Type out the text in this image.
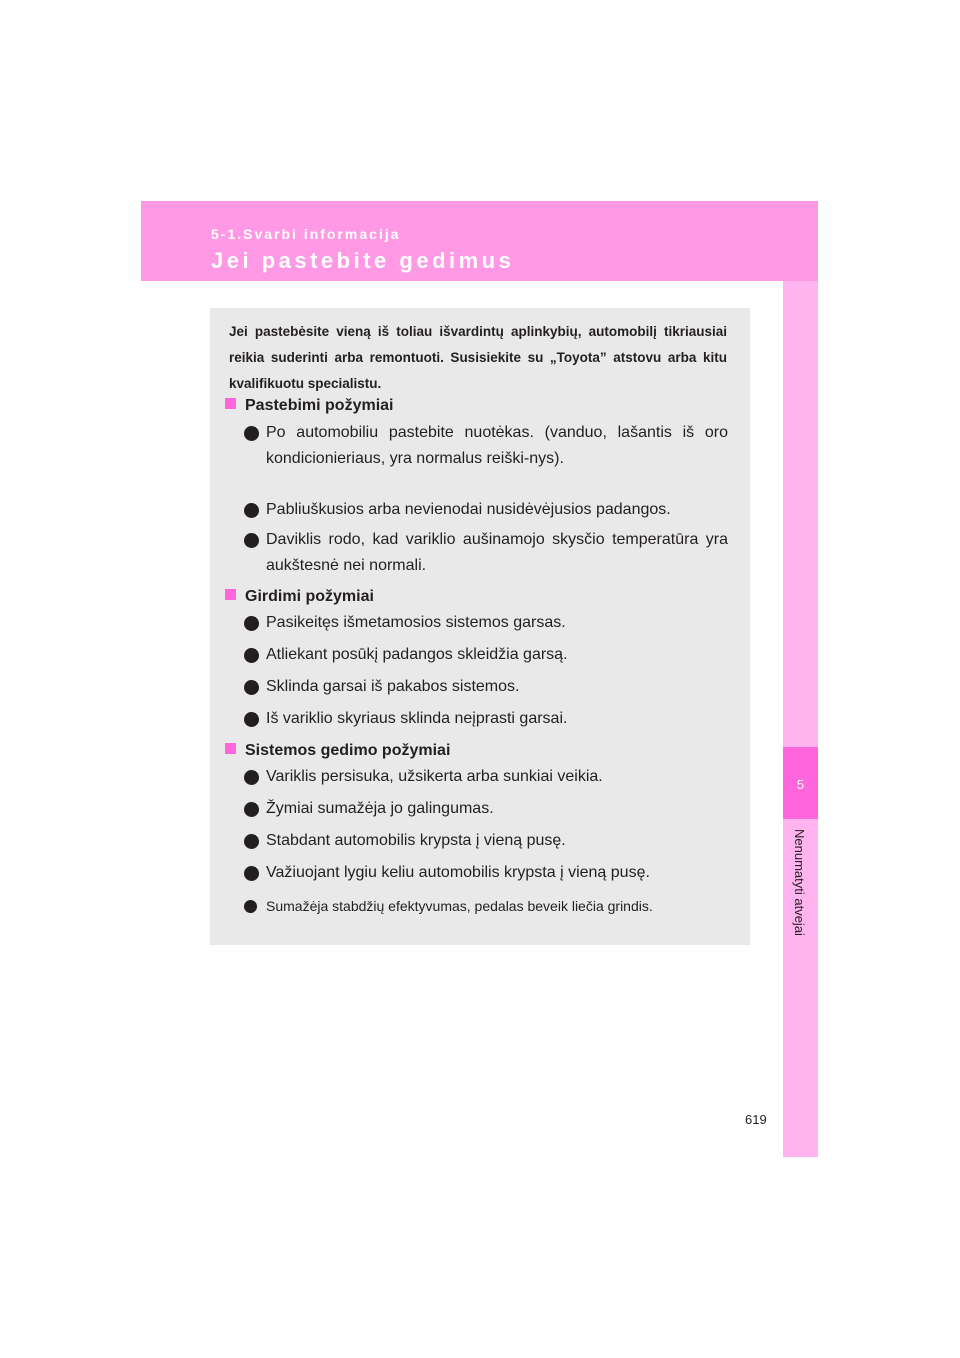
5-1.Svarbi informacija
Jei pastebite gedimus
5
Nenumatyti atvejai
Jei pastebėsite vieną iš toliau išvardintų aplinkybių, automobilį tikriausiai reikia suderinti arba remontuoti. Susisiekite su „Toyota” atstovu arba kitu kvalifikuotu specialistu.
Pastebimi požymiai
Po automobiliu pastebite nuotėkas. (vanduo, lašantis iš oro kondicionieriaus, yra normalus reiški-nys).
Pabliuškusios arba nevienodai nusidėvėjusios padangos.
Daviklis rodo, kad variklio aušinamojo skysčio temperatūra yra aukštesnė nei normali.
Girdimi požymiai
Pasikeitęs išmetamosios sistemos garsas.
Atliekant posūkį padangos skleidžia garsą.
Sklinda garsai iš pakabos sistemos.
Iš variklio skyriaus sklinda neįprasti garsai.
Sistemos gedimo požymiai
Variklis persisuka, užsikerta arba sunkiai veikia.
Žymiai sumažėja jo galingumas.
Stabdant automobilis krypsta į vieną pusę.
Važiuojant lygiu keliu automobilis krypsta į vieną pusę.
Sumažėja stabdžių efektyvumas, pedalas beveik liečia grindis.
619
